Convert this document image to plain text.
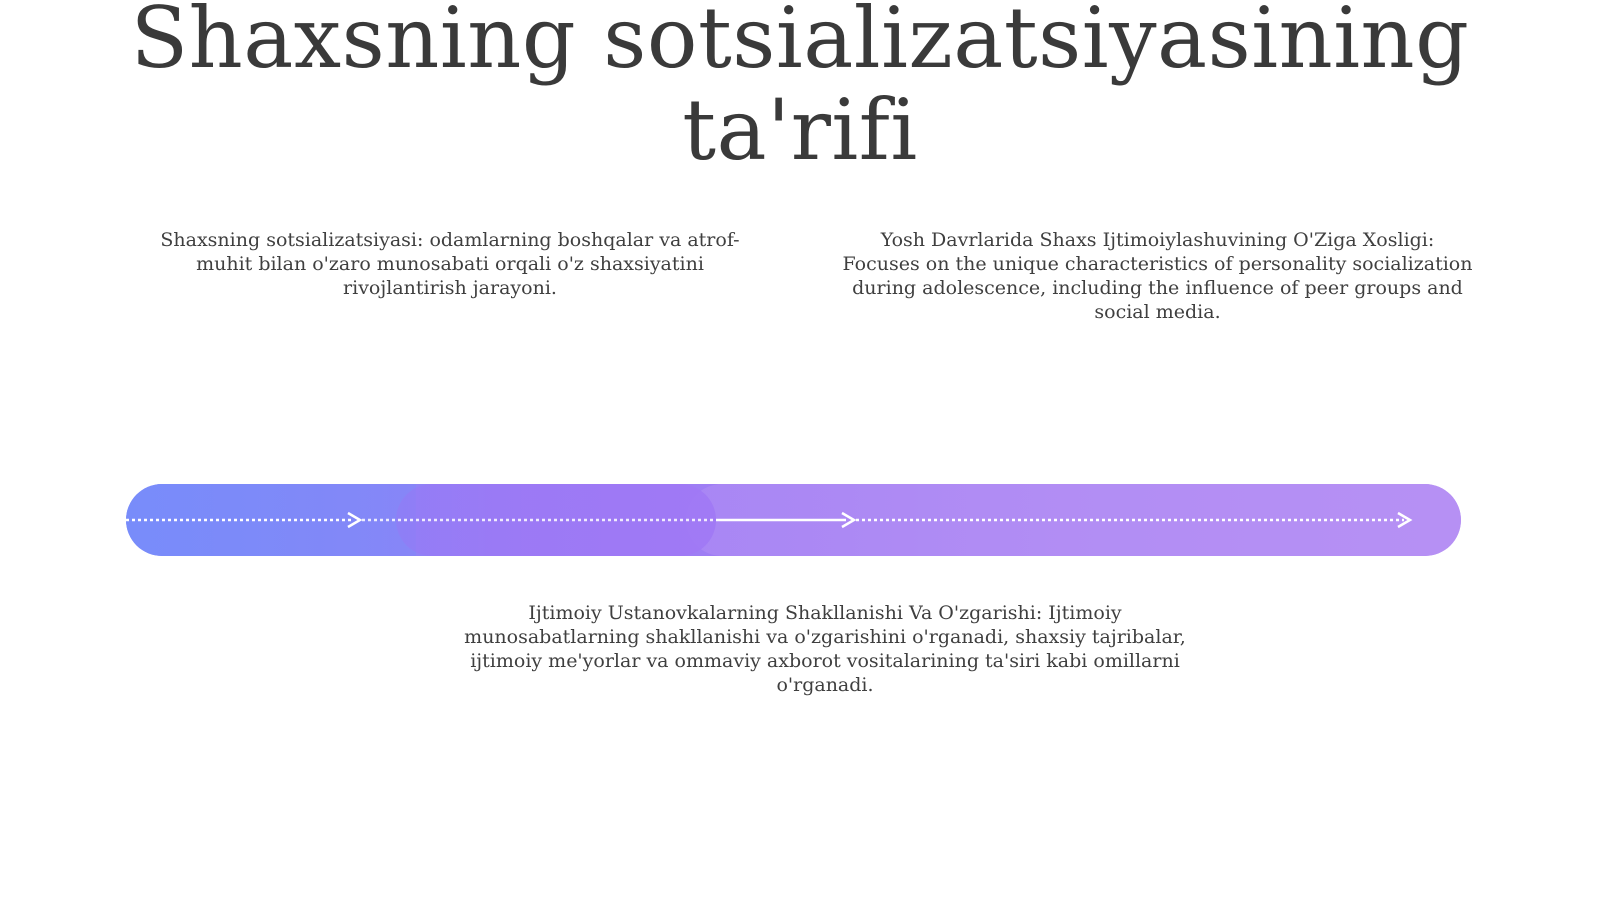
Shaxsning sotsializatsiyasining ta'rifi

Shaxsning sotsializatsiyasi: odamlarning boshqalar va atrof-muhit bilan o'zaro munosabati orqali o'z shaxsiyatini rivojlantirish jarayoni.

Yosh Davrlarida Shaxs Ijtimoiylashuvining O'Ziga Xosligi: Focuses on the unique characteristics of personality socialization during adolescence, including the influence of peer groups and social media.

Ijtimoiy Ustanovkalarning Shakllanishi Va O'zgarishi: Ijtimoiy munosabatlarning shakllanishi va o'zgarishini o'rganadi, shaxsiy tajribalar, ijtimoiy me'yorlar va ommaviy axborot vositalarining ta'siri kabi omillarni o'rganadi.
